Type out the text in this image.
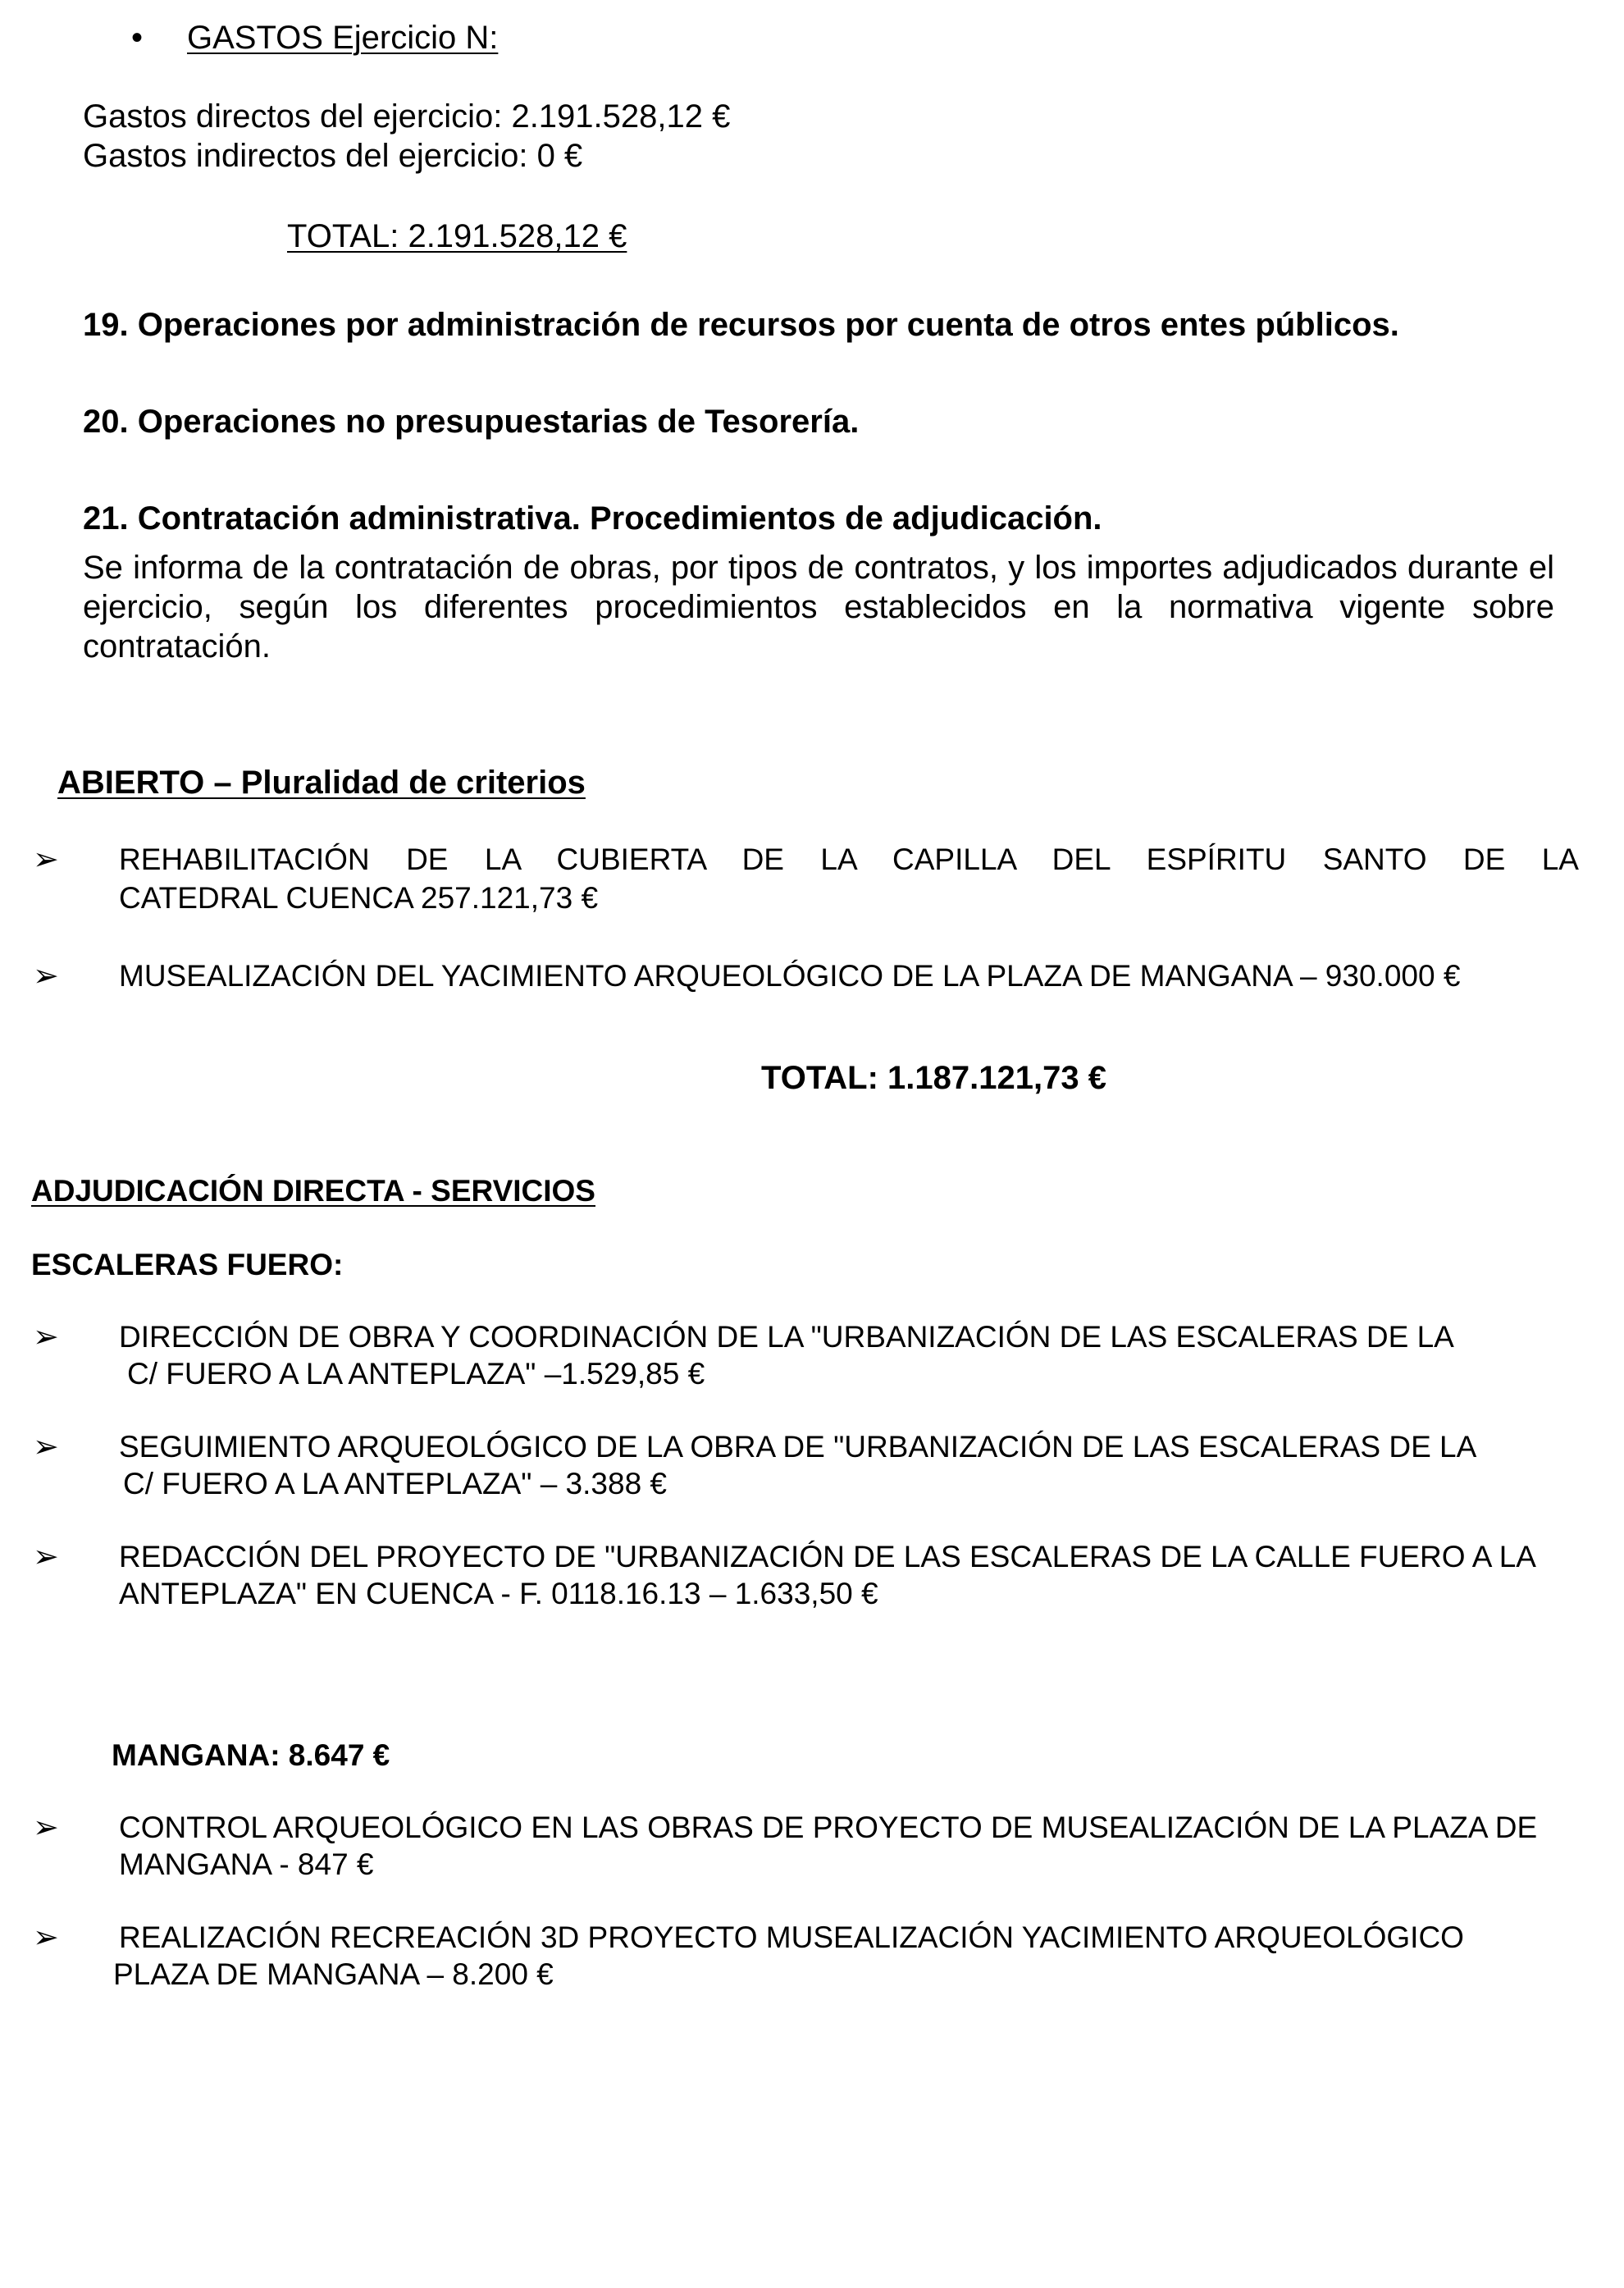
• GASTOS Ejercicio N:
Gastos directos del ejercicio: 2.191.528,12 €
Gastos indirectos del ejercicio: 0 €
TOTAL: 2.191.528,12 €
19. Operaciones por administración de recursos por cuenta de otros entes públicos.
20. Operaciones no presupuestarias de Tesorería.
21. Contratación administrativa. Procedimientos de adjudicación.
Se informa de la contratación de obras, por tipos de contratos, y los importes adjudicados durante el ejercicio, según los diferentes procedimientos establecidos en la normativa vigente sobre contratación.
ABIERTO – Pluralidad de criterios
➢ REHABILITACIÓN DE LA CUBIERTA DE LA CAPILLA DEL ESPÍRITU SANTO DE LA
CATEDRAL CUENCA 257.121,73 €
➢ MUSEALIZACIÓN DEL YACIMIENTO ARQUEOLÓGICO DE LA PLAZA DE MANGANA – 930.000 €
TOTAL: 1.187.121,73 €
ADJUDICACIÓN DIRECTA - SERVICIOS
ESCALERAS FUERO:
➢ DIRECCIÓN DE OBRA Y COORDINACIÓN DE LA "URBANIZACIÓN DE LAS ESCALERAS DE LA
C/ FUERO A LA ANTEPLAZA" –1.529,85 €
➢ SEGUIMIENTO ARQUEOLÓGICO DE LA OBRA DE "URBANIZACIÓN DE LAS ESCALERAS DE LA
C/ FUERO A LA ANTEPLAZA" – 3.388 €
➢ REDACCIÓN DEL PROYECTO DE "URBANIZACIÓN DE LAS ESCALERAS DE LA CALLE FUERO A LA
ANTEPLAZA" EN CUENCA - F. 0118.16.13 – 1.633,50 €
MANGANA: 8.647 €
➢ CONTROL ARQUEOLÓGICO EN LAS OBRAS DE PROYECTO DE MUSEALIZACIÓN DE LA PLAZA DE
MANGANA - 847 €
➢ REALIZACIÓN RECREACIÓN 3D PROYECTO MUSEALIZACIÓN YACIMIENTO ARQUEOLÓGICO
PLAZA DE MANGANA – 8.200 €
